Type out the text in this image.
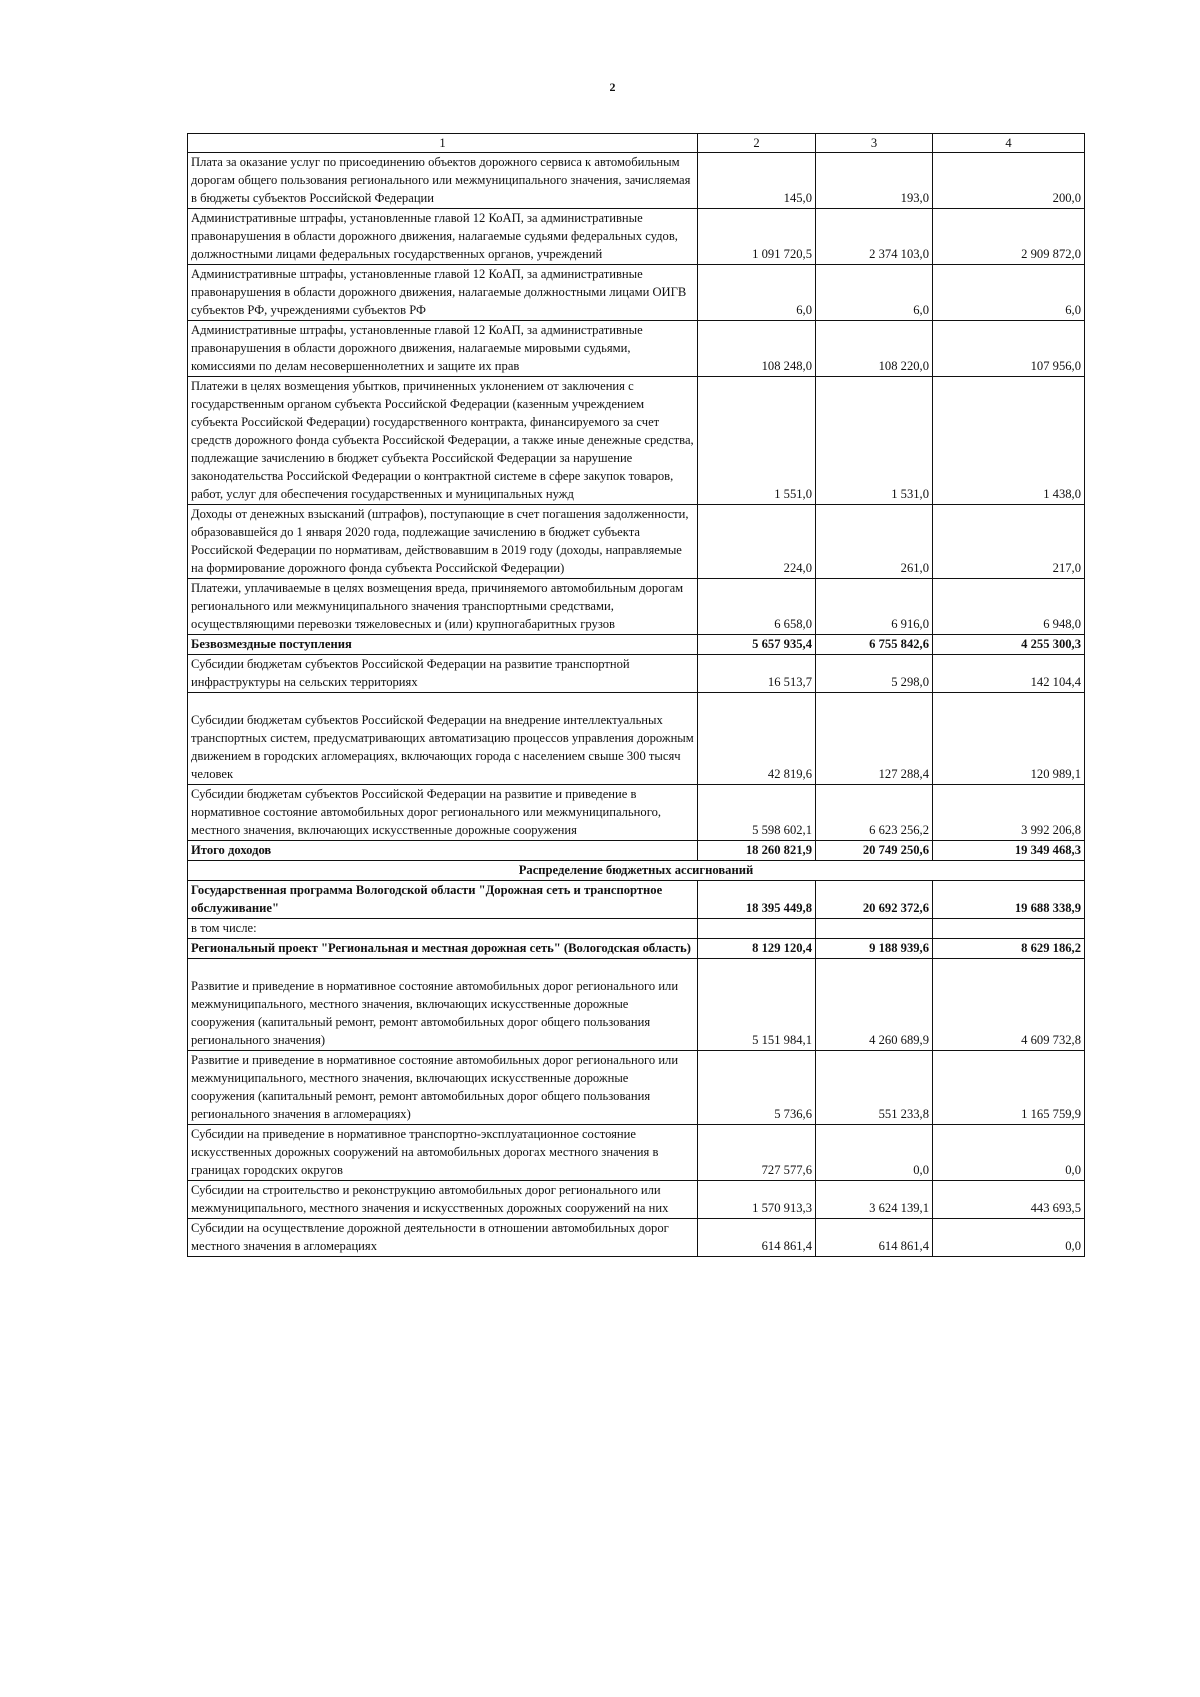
2
1	2	3	4
Плата за оказание услуг по присоединению объектов дорожного сервиса к автомобильным дорогам общего пользования регионального или межмуниципального значения, зачисляемая в бюджеты субъектов Российской Федерации	145,0	193,0	200,0
Административные штрафы, установленные главой 12 КоАП, за административные правонарушения в области дорожного движения, налагаемые судьями федеральных судов, должностными лицами федеральных государственных органов, учреждений	1 091 720,5	2 374 103,0	2 909 872,0
Административные штрафы, установленные главой 12 КоАП, за административные правонарушения в области дорожного движения, налагаемые должностными лицами ОИГВ субъектов РФ, учреждениями субъектов РФ	6,0	6,0	6,0
Административные штрафы, установленные главой 12 КоАП, за административные правонарушения в области дорожного движения, налагаемые мировыми судьями, комиссиями по делам несовершеннолетних и защите их прав	108 248,0	108 220,0	107 956,0
Платежи в целях возмещения убытков, причиненных уклонением от заключения с государственным органом субъекта Российской Федерации (казенным учреждением субъекта Российской Федерации) государственного контракта, финансируемого за счет средств дорожного фонда субъекта Российской Федерации, а также иные денежные средства, подлежащие зачислению в бюджет субъекта Российской Федерации за нарушение законодательства Российской Федерации о контрактной системе в сфере закупок товаров, работ, услуг для обеспечения государственных и муниципальных нужд	1 551,0	1 531,0	1 438,0
Доходы от денежных взысканий (штрафов), поступающие в счет погашения задолженности, образовавшейся до 1 января 2020 года, подлежащие зачислению в бюджет субъекта Российской Федерации по нормативам, действовавшим в 2019 году (доходы, направляемые на формирование дорожного фонда субъекта Российской Федерации)	224,0	261,0	217,0
Платежи, уплачиваемые в целях возмещения вреда, причиняемого автомобильным дорогам регионального или межмуниципального значения транспортными средствами, осуществляющими перевозки тяжеловесных и (или) крупногабаритных грузов	6 658,0	6 916,0	6 948,0
Безвозмездные поступления	5 657 935,4	6 755 842,6	4 255 300,3
Субсидии бюджетам субъектов Российской Федерации на развитие транспортной инфраструктуры на сельских территориях	16 513,7	5 298,0	142 104,4

Субсидии бюджетам субъектов Российской Федерации на внедрение интеллектуальных транспортных систем, предусматривающих автоматизацию процессов управления дорожным движением в городских агломерациях, включающих города с населением свыше 300 тысяч человек	42 819,6	127 288,4	120 989,1
Субсидии бюджетам субъектов Российской Федерации на развитие и приведение в нормативное состояние автомобильных дорог регионального или межмуниципального, местного значения, включающих искусственные дорожные сооружения	5 598 602,1	6 623 256,2	3 992 206,8
Итого доходов	18 260 821,9	20 749 250,6	19 349 468,3
Распределение бюджетных ассигнований			
Государственная программа Вологодской области "Дорожная сеть и транспортное обслуживание"	18 395 449,8	20 692 372,6	19 688 338,9
в том числе:			
Региональный проект "Региональная и местная дорожная сеть" (Вологодская область)	8 129 120,4	9 188 939,6	8 629 186,2

Развитие и приведение в нормативное состояние автомобильных дорог регионального или межмуниципального, местного значения, включающих искусственные дорожные сооружения (капитальный ремонт, ремонт автомобильных дорог общего пользования регионального значения)	5 151 984,1	4 260 689,9	4 609 732,8
Развитие и приведение в нормативное состояние автомобильных дорог регионального или межмуниципального, местного значения, включающих искусственные дорожные сооружения (капитальный ремонт, ремонт автомобильных дорог общего пользования регионального значения в агломерациях)	5 736,6	551 233,8	1 165 759,9
Субсидии на приведение в нормативное транспортно-эксплуатационное состояние искусственных дорожных сооружений на автомобильных дорогах местного значения в границах городских округов	727 577,6	0,0	0,0
Субсидии на строительство и реконструкцию автомобильных дорог регионального или межмуниципального, местного значения и искусственных дорожных сооружений на них	1 570 913,3	3 624 139,1	443 693,5
Субсидии на осуществление дорожной деятельности в отношении автомобильных дорог местного значения в агломерациях	614 861,4	614 861,4	0,0
